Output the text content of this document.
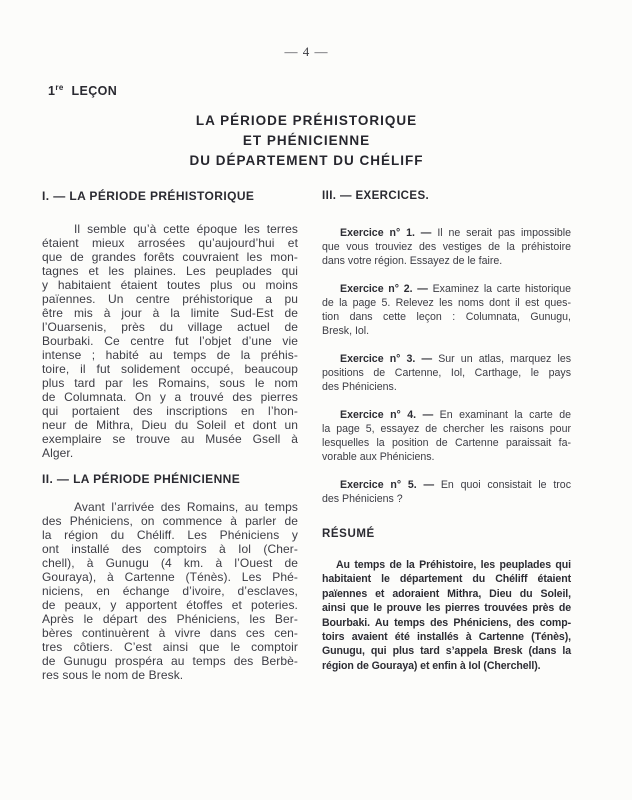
— 4 —
1re LEÇON
LA PÉRIODE PRÉHISTORIQUE
ET PHÉNICIENNE
DU DÉPARTEMENT DU CHÉLIFF
I. — LA PÉRIODE PRÉHISTORIQUE
Il semble qu’à cette époque les terres
étaient mieux arrosées qu’aujourd’hui et
que de grandes forêts couvraient les mon-
tagnes et les plaines. Les peuplades qui
y habitaient étaient toutes plus ou moins
païennes. Un centre préhistorique a pu
être mis à jour à la limite Sud-Est de
l’Ouarsenis, près du village actuel de
Bourbaki. Ce centre fut l’objet d’une vie
intense ; habité au temps de la préhis-
toire, il fut solidement occupé, beaucoup
plus tard par les Romains, sous le nom
de Columnata. On y a trouvé des pierres
qui portaient des inscriptions en l’hon-
neur de Mithra, Dieu du Soleil et dont un
exemplaire se trouve au Musée Gsell à
Alger.
II. — LA PÉRIODE PHÉNICIENNE
Avant l’arrivée des Romains, au temps
des Phéniciens, on commence à parler de
la région du Chéliff. Les Phéniciens y
ont installé des comptoirs à Iol (Cher-
chell), à Gunugu (4 km. à l’Ouest de
Gouraya), à Cartenne (Ténès). Les Phé-
niciens, en échange d’ivoire, d’esclaves,
de peaux, y apportent étoffes et poteries.
Après le départ des Phéniciens, les Ber-
bères continuèrent à vivre dans ces cen-
tres côtiers. C’est ainsi que le comptoir
de Gunugu prospéra au temps des Berbè-
res sous le nom de Bresk.
III. — EXERCICES.
Exercice n° 1. — Il ne serait pas impossible
que vous trouviez des vestiges de la préhistoire
dans votre région. Essayez de le faire.
Exercice n° 2. — Examinez la carte historique
de la page 5. Relevez les noms dont il est ques-
tion dans cette leçon : Columnata, Gunugu,
Bresk, Iol.
Exercice n° 3. — Sur un atlas, marquez les
positions de Cartenne, Iol, Carthage, le pays
des Phéniciens.
Exercice n° 4. — En examinant la carte de
la page 5, essayez de chercher les raisons pour
lesquelles la position de Cartenne paraissait fa-
vorable aux Phéniciens.
Exercice n° 5. — En quoi consistait le troc
des Phéniciens ?
RÉSUMÉ
Au temps de la Préhistoire, les peuplades qui
habitaient le département du Chéliff étaient
païennes et adoraient Mithra, Dieu du Soleil,
ainsi que le prouve les pierres trouvées près de
Bourbaki. Au temps des Phéniciens, des comp-
toirs avaient été installés à Cartenne (Ténès),
Gunugu, qui plus tard s’appela Bresk (dans la
région de Gouraya) et enfin à Iol (Cherchell).
